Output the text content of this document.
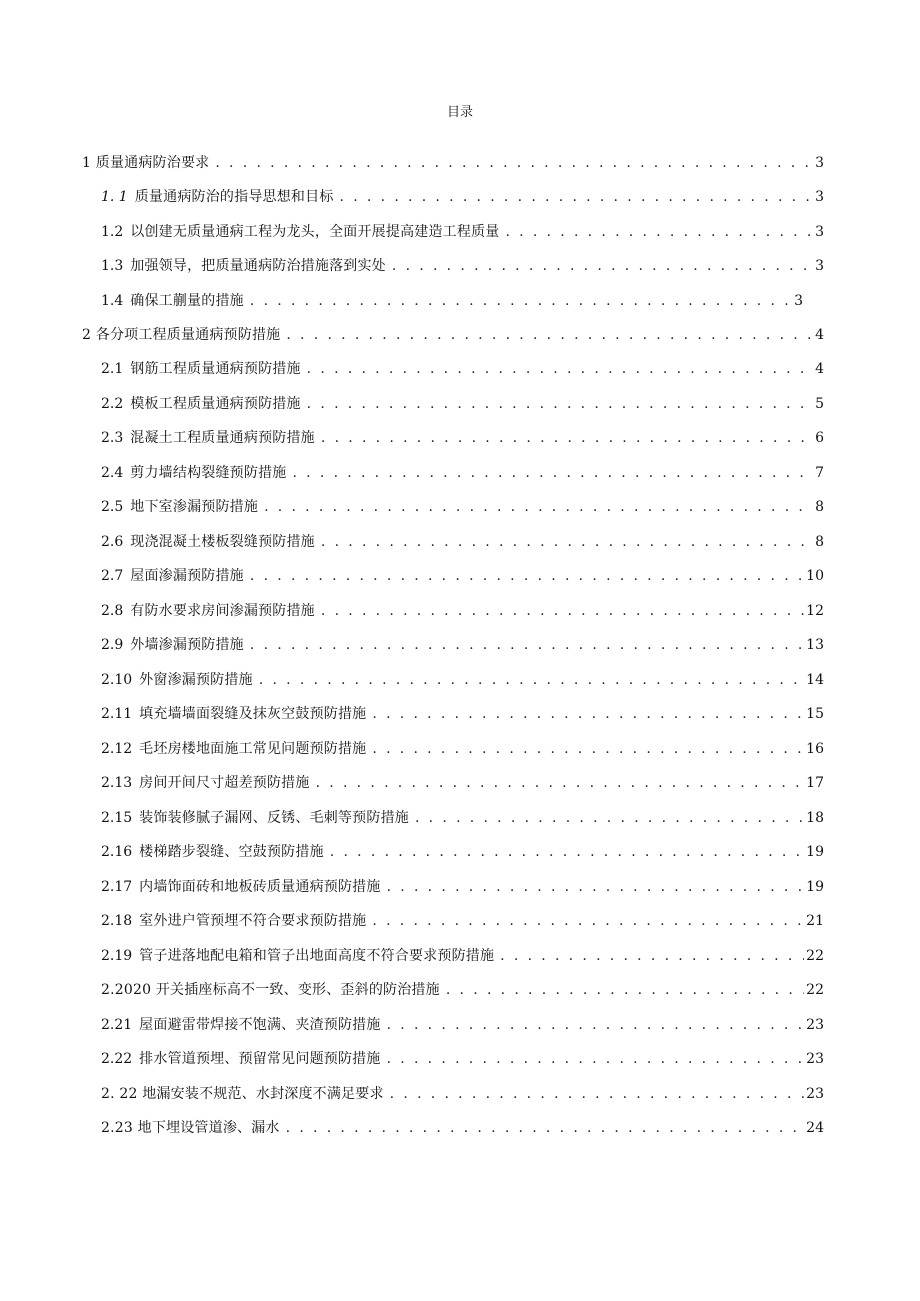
目录
1 质量通病防治要求 . . .	3
1. 1 质量通病防治的指导思想和目标 . . .	3
1.2 以创建无质量通病工程为龙头，全面开展提高建造工程质量 . . .	3
1.3 加强领导，把质量通病防治措施落到实处 . . .	3
1.4 确保工蒯量的措施 . . .	3
2 各分项工程质量通病预防措施 . . .	4
2.1 钢筋工程质量通病预防措施 . . .	4
2.2 模板工程质量通病预防措施 . . .	5
2.3 混凝土工程质量通病预防措施 . . .	6
2.4 剪力墙结构裂缝预防措施 . . .	7
2.5 地下室渗漏预防措施 . . .	8
2.6 现浇混凝土楼板裂缝预防措施 . . .	8
2.7 屋面渗漏预防措施 . . .	10
2.8 有防水要求房间渗漏预防措施 . . .	12
2.9 外墙渗漏预防措施 . . .	13
2.10 外窗渗漏预防措施 . . .	14
2.11 填充墙墙面裂缝及抹灰空鼓预防措施 . . .	15
2.12 毛坯房楼地面施工常见问题预防措施 . . .	16
2.13 房间开间尺寸超差预防措施 . . .	17
2.15 装饰装修腻子漏网、反锈、毛刺等预防措施 . . .	18
2.16 楼梯踏步裂缝、空鼓预防措施 . . .	19
2.17 内墙饰面砖和地板砖质量通病预防措施 . . .	19
2.18 室外进户管预埋不符合要求预防措施 . . .	21
2.19 管子进落地配电箱和管子出地面高度不符合要求预防措施 . . .	22
2.2020 开关插座标高不一致、变形、歪斜的防治措施 . . .	22
2.21 屋面避雷带焊接不饱满、夹渣预防措施 . . .	23
2.22 排水管道预埋、预留常见问题预防措施 . . .	23
2. 22 地漏安装不规范、水封深度不满足要求 . . .	23
2.23 地下埋设管道渗、漏水 . . .	24
